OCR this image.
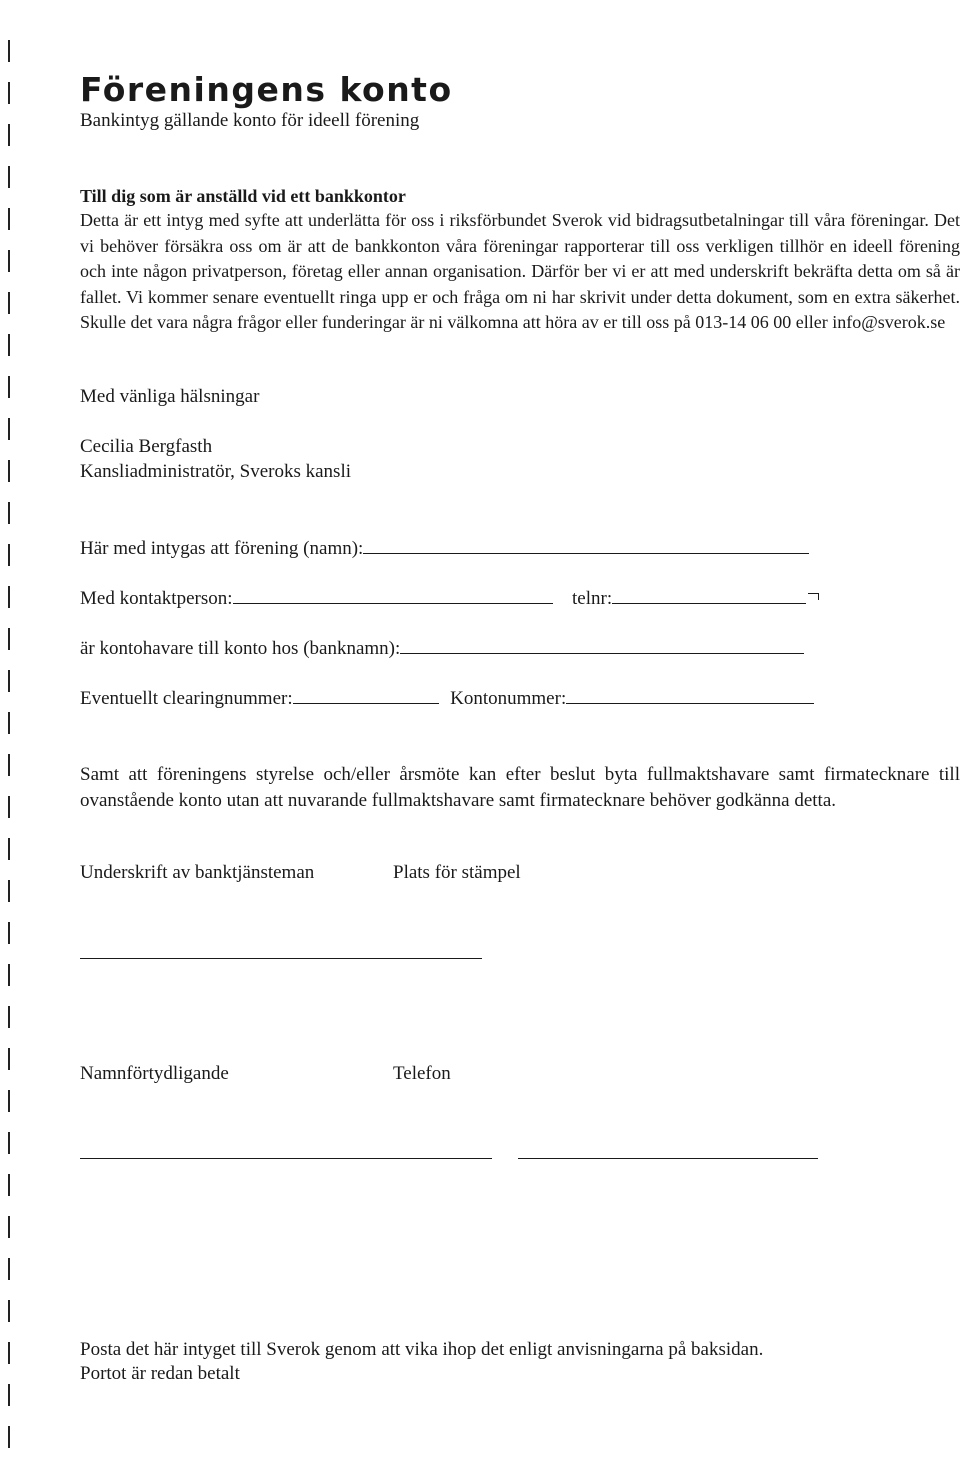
Föreningens konto
Bankintyg gällande konto för ideell förening
Till dig som är anställd vid ett bankkontor
Detta är ett intyg med syfte att underlätta för oss i riksförbundet Sverok vid bidragsutbetalningar till våra föreningar. Det vi behöver försäkra oss om är att de bankkonton våra föreningar rapporterar till oss verkligen tillhör en ideell förening och inte någon privatperson, företag eller annan organisation. Därför ber vi er att med underskrift bekräfta detta om så är fallet. Vi kommer senare eventuellt ringa upp er och fråga om ni har skrivit under detta dokument, som en extra säkerhet. Skulle det vara några frågor eller funderingar är ni välkomna att höra av er till oss på 013-14 06 00 eller info@sverok.se
Med vänliga hälsningar
Cecilia Bergfasth
Kansliadministratör, Sveroks kansli
Här med intygas att förening (namn):
Med kontaktperson:	telnr:
är kontohavare till konto hos (banknamn):
Eventuellt clearingnummer:	Kontonummer:
Samt att föreningens styrelse och/eller årsmöte kan efter beslut byta fullmaktshavare samt firmatecknare till ovanstående konto utan att nuvarande fullmaktshavare samt firmatecknare behöver godkänna detta.
Underskrift av banktjänsteman	Plats för stämpel
Namnförtydligande	Telefon
Posta det här intyget till Sverok genom att vika ihop det enligt anvisningarna på baksidan.
Portot är redan betalt
